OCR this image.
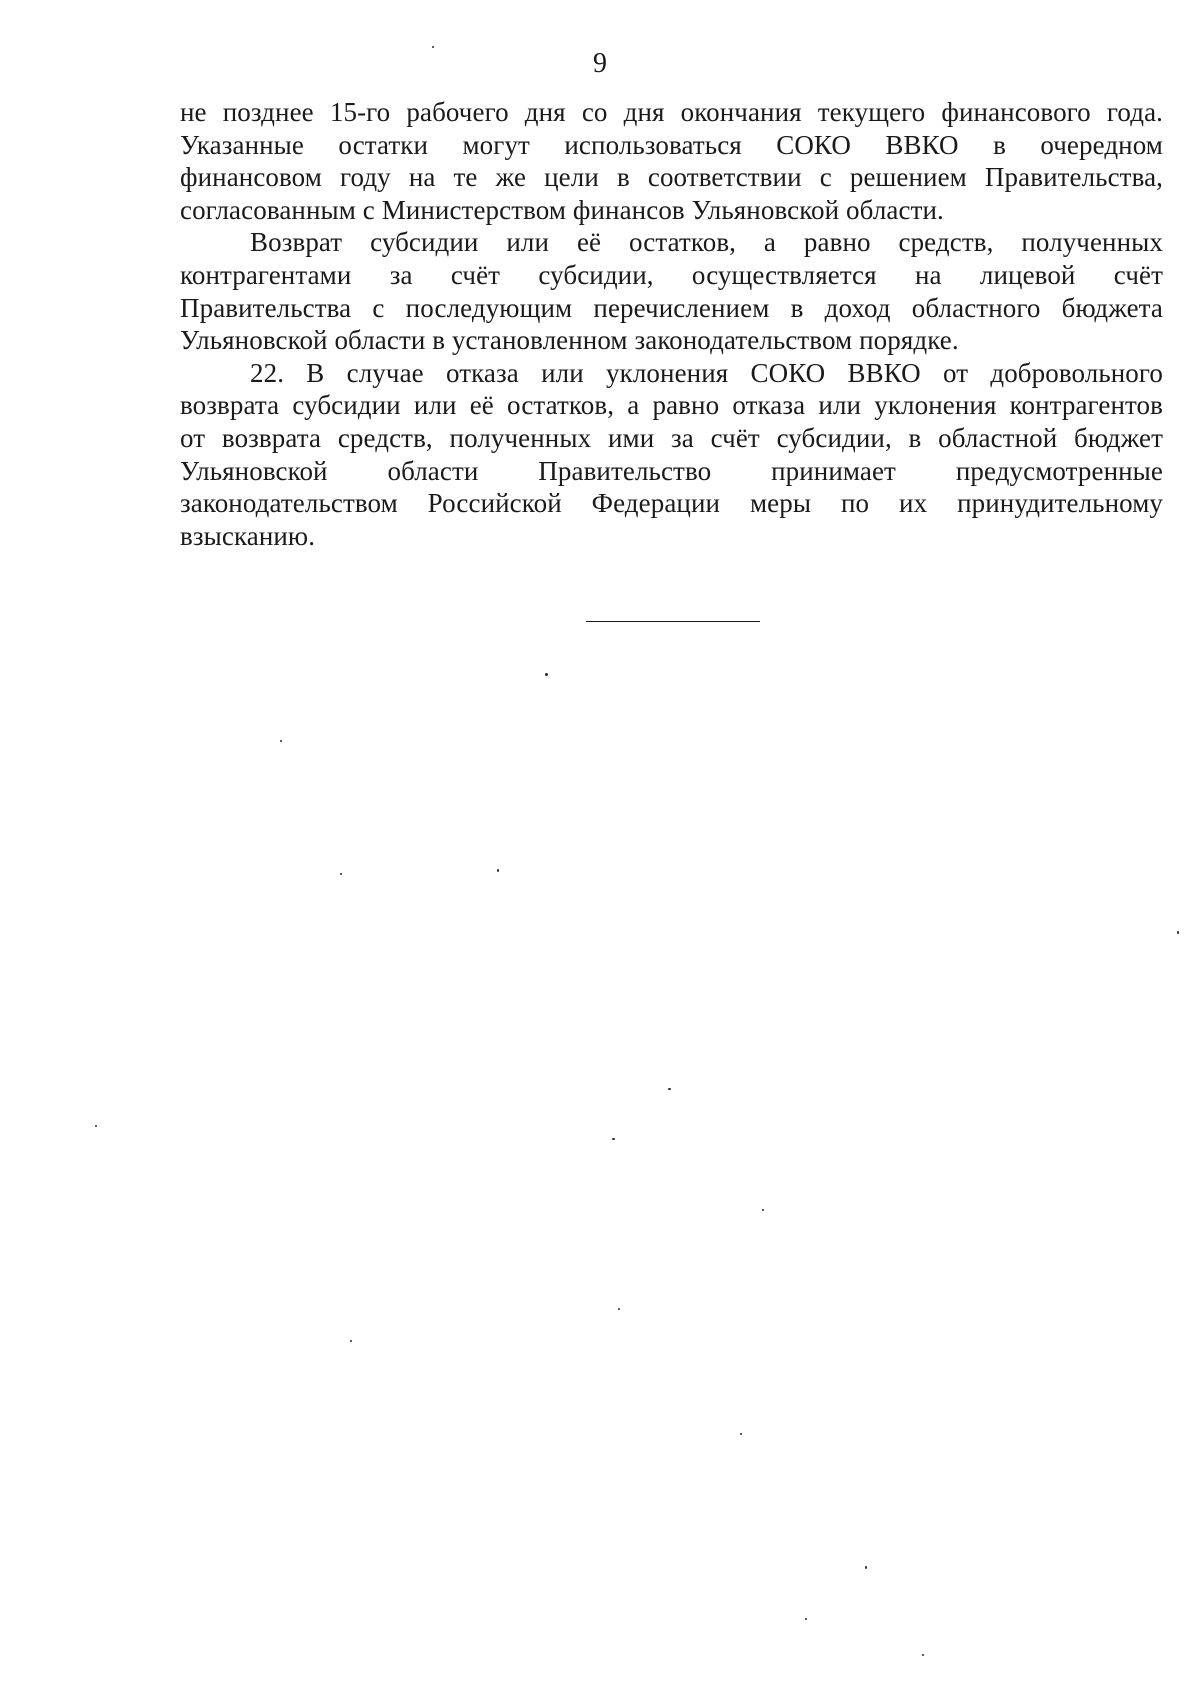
9
не позднее 15-го рабочего дня со дня окончания текущего финансового года.
Указанные остатки могут использоваться СОКО ВВКО в очередном
финансовом году на те же цели в соответствии с решением Правительства,
согласованным с Министерством финансов Ульяновской области.
Возврат субсидии или её остатков, а равно средств, полученных
контрагентами за счёт субсидии, осуществляется на лицевой счёт
Правительства с последующим перечислением в доход областного бюджета
Ульяновской области в установленном законодательством порядке.
22. В случае отказа или уклонения СОКО ВВКО от добровольного
возврата субсидии или её остатков, а равно отказа или уклонения контрагентов
от возврата средств, полученных ими за счёт субсидии, в областной бюджет
Ульяновской области Правительство принимает предусмотренные
законодательством Российской Федерации меры по их принудительному
взысканию.
